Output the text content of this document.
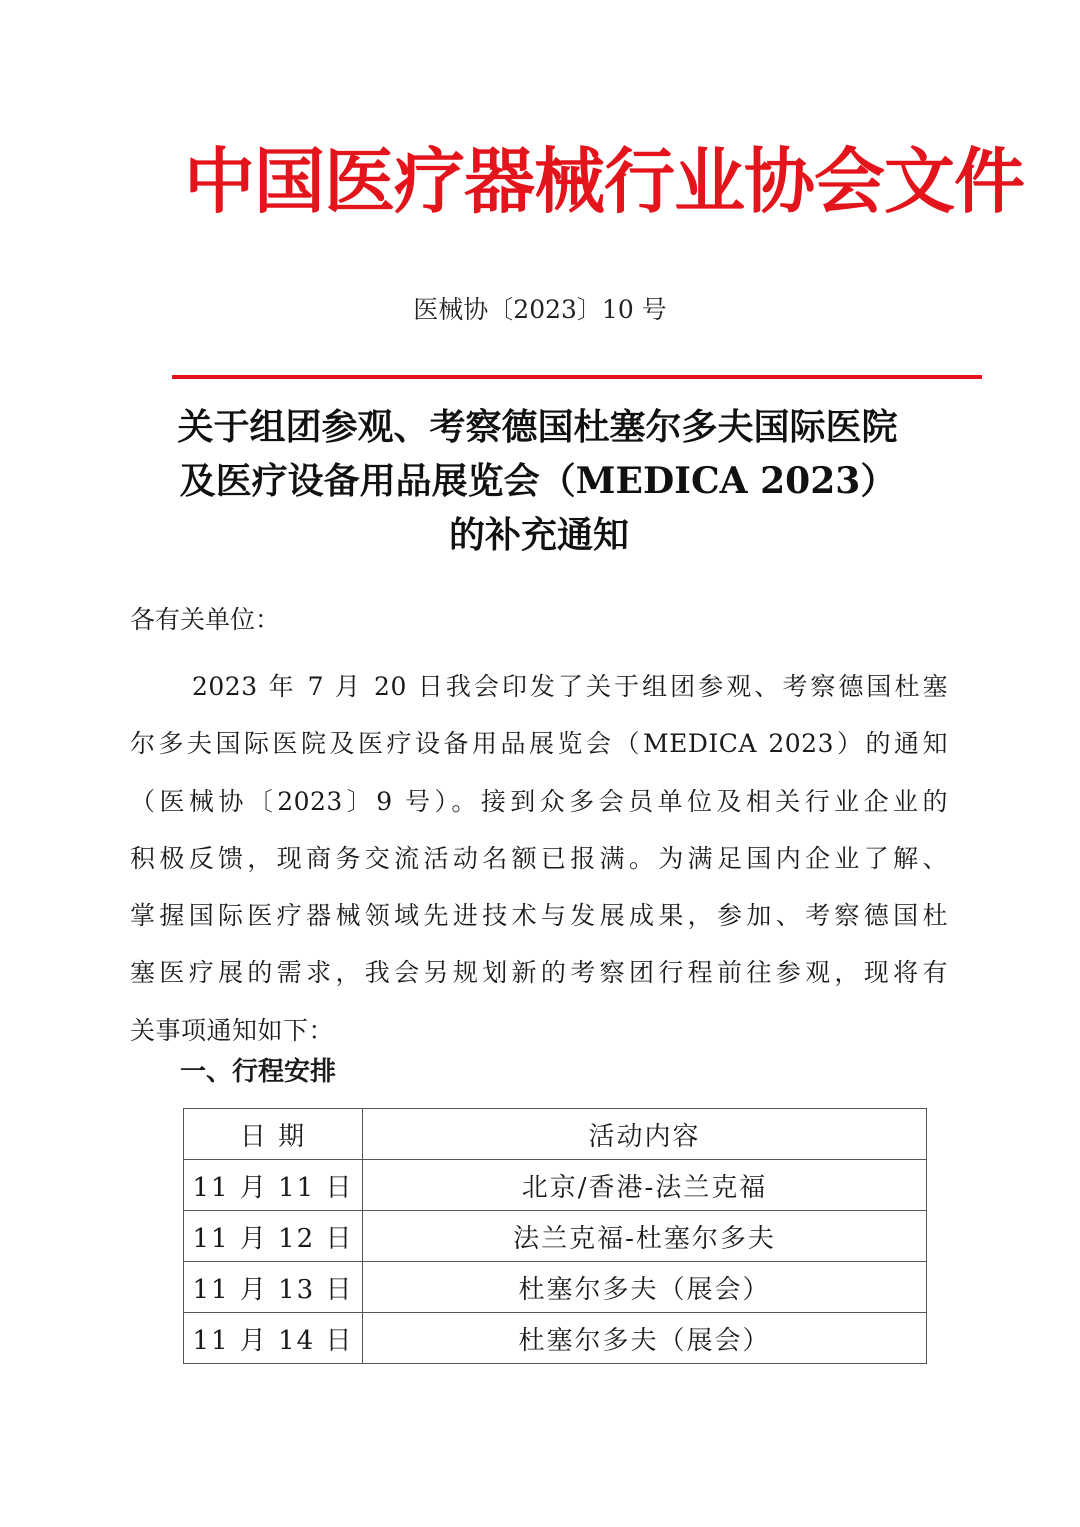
中国医疗器械行业协会文件
医械协〔2023〕10 号
关于组团参观、考察德国杜塞尔多夫国际医院
及医疗设备用品展览会（MEDICA 2023）
的补充通知
各有关单位：

2023 年 7 月 20 日我会印发了关于组团参观、考察德国杜塞
尔多夫国际医院及医疗设备用品展览会（MEDICA 2023）的通知
（医械协〔2023〕9 号）。接到众多会员单位及相关行业企业的
积极反馈，现商务交流活动名额已报满。为满足国内企业了解、
掌握国际医疗器械领域先进技术与发展成果，参加、考察德国杜
塞医疗展的需求，我会另规划新的考察团行程前往参观，现将有
关事项通知如下：

一、行程安排
日 期	活动内容
11 月 11 日	北京/香港-法兰克福
11 月 12 日	法兰克福-杜塞尔多夫
11 月 13 日	杜塞尔多夫（展会）
11 月 14 日	杜塞尔多夫（展会）
